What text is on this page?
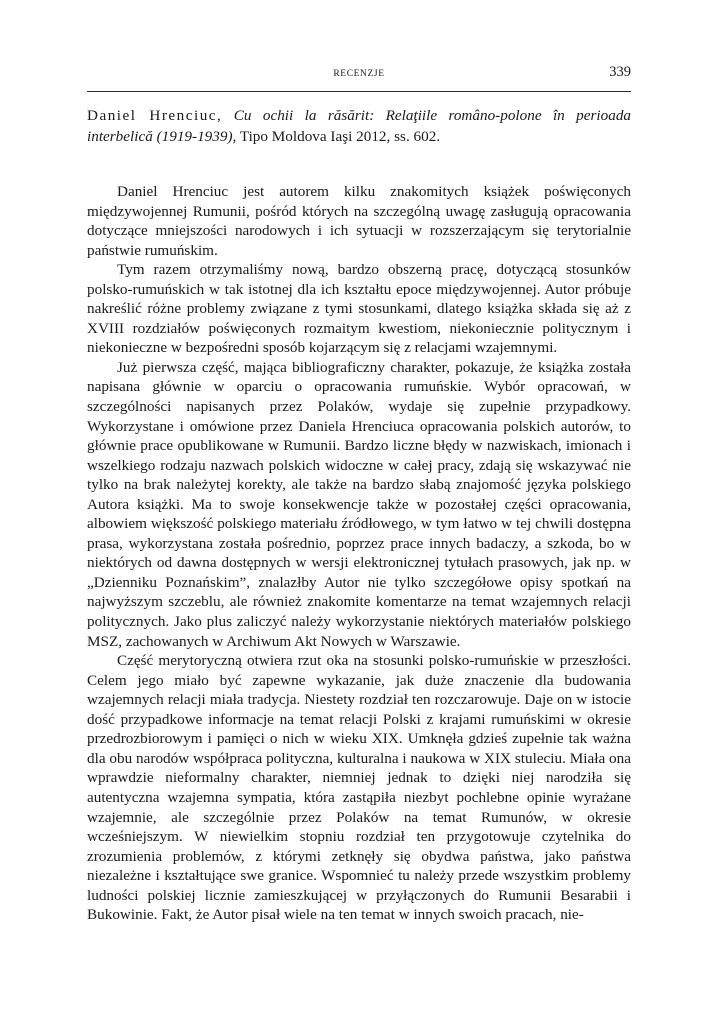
RECENZJE	339
Daniel Hrenciuc, Cu ochii la răsărit: Relaţiile româno-polone în perioada interbelică (1919-1939), Tipo Moldova Iaşi 2012, ss. 602.

Daniel Hrenciuc jest autorem kilku znakomitych książek poświęconych międzywojennej Rumunii, pośród których na szczególną uwagę zasługują opracowania dotyczące mniejszości narodowych i ich sytuacji w rozszerzającym się terytorialnie państwie rumuńskim.

Tym razem otrzymaliśmy nową, bardzo obszerną pracę, dotyczącą stosunków polsko-rumuńskich w tak istotnej dla ich kształtu epoce międzywojennej. Autor próbuje nakreślić różne problemy związane z tymi stosunkami, dlatego książka składa się aż z XVIII rozdziałów poświęconych rozmaitym kwestiom, niekoniecznie politycznym i niekonieczne w bezpośredni sposób kojarzącym się z relacjami wzajemnymi.

Już pierwsza część, mająca bibliograficzny charakter, pokazuje, że książka została napisana głównie w oparciu o opracowania rumuńskie. Wybór opracowań, w szczególności napisanych przez Polaków, wydaje się zupełnie przypadkowy. Wykorzystane i omówione przez Daniela Hrenciuca opracowania polskich autorów, to głównie prace opublikowane w Rumunii. Bardzo liczne błędy w nazwiskach, imionach i wszelkiego rodzaju nazwach polskich widoczne w całej pracy, zdają się wskazywać nie tylko na brak należytej korekty, ale także na bardzo słabą znajomość języka polskiego Autora książki. Ma to swoje konsekwencje także w pozostałej części opracowania, albowiem większość polskiego materiału źródłowego, w tym łatwo w tej chwili dostępna prasa, wykorzystana została pośrednio, poprzez prace innych badaczy, a szkoda, bo w niektórych od dawna dostępnych w wersji elektronicznej tytułach prasowych, jak np. w „Dzienniku Poznańskim”, znalazłby Autor nie tylko szczegółowe opisy spotkań na najwyższym szczeblu, ale również znakomite komentarze na temat wzajemnych relacji politycznych. Jako plus zaliczyć należy wykorzystanie niektórych materiałów polskiego MSZ, zachowanych w Archiwum Akt Nowych w Warszawie.

Część merytoryczną otwiera rzut oka na stosunki polsko-rumuńskie w przeszłości. Celem jego miało być zapewne wykazanie, jak duże znaczenie dla budowania wzajemnych relacji miała tradycja. Niestety rozdział ten rozczarowuje. Daje on w istocie dość przypadkowe informacje na temat relacji Polski z krajami rumuńskimi w okresie przedrozbiorowym i pamięci o nich w wieku XIX. Umknęła gdzieś zupełnie tak ważna dla obu narodów współpraca polityczna, kulturalna i naukowa w XIX stuleciu. Miała ona wprawdzie nieformalny charakter, niemniej jednak to dzięki niej narodziła się autentyczna wzajemna sympatia, która zastąpiła niezbyt pochlebne opinie wyrażane wzajemnie, ale szczególnie przez Polaków na temat Rumunów, w okresie wcześniejszym. W niewielkim stopniu rozdział ten przygotowuje czytelnika do zrozumienia problemów, z którymi zetknęły się obydwa państwa, jako państwa niezależne i kształtujące swe granice. Wspomnieć tu należy przede wszystkim problemy ludności polskiej licznie zamieszkującej w przyłączonych do Rumunii Besarabii i Bukowinie. Fakt, że Autor pisał wiele na ten temat w innych swoich pracach, nie-
